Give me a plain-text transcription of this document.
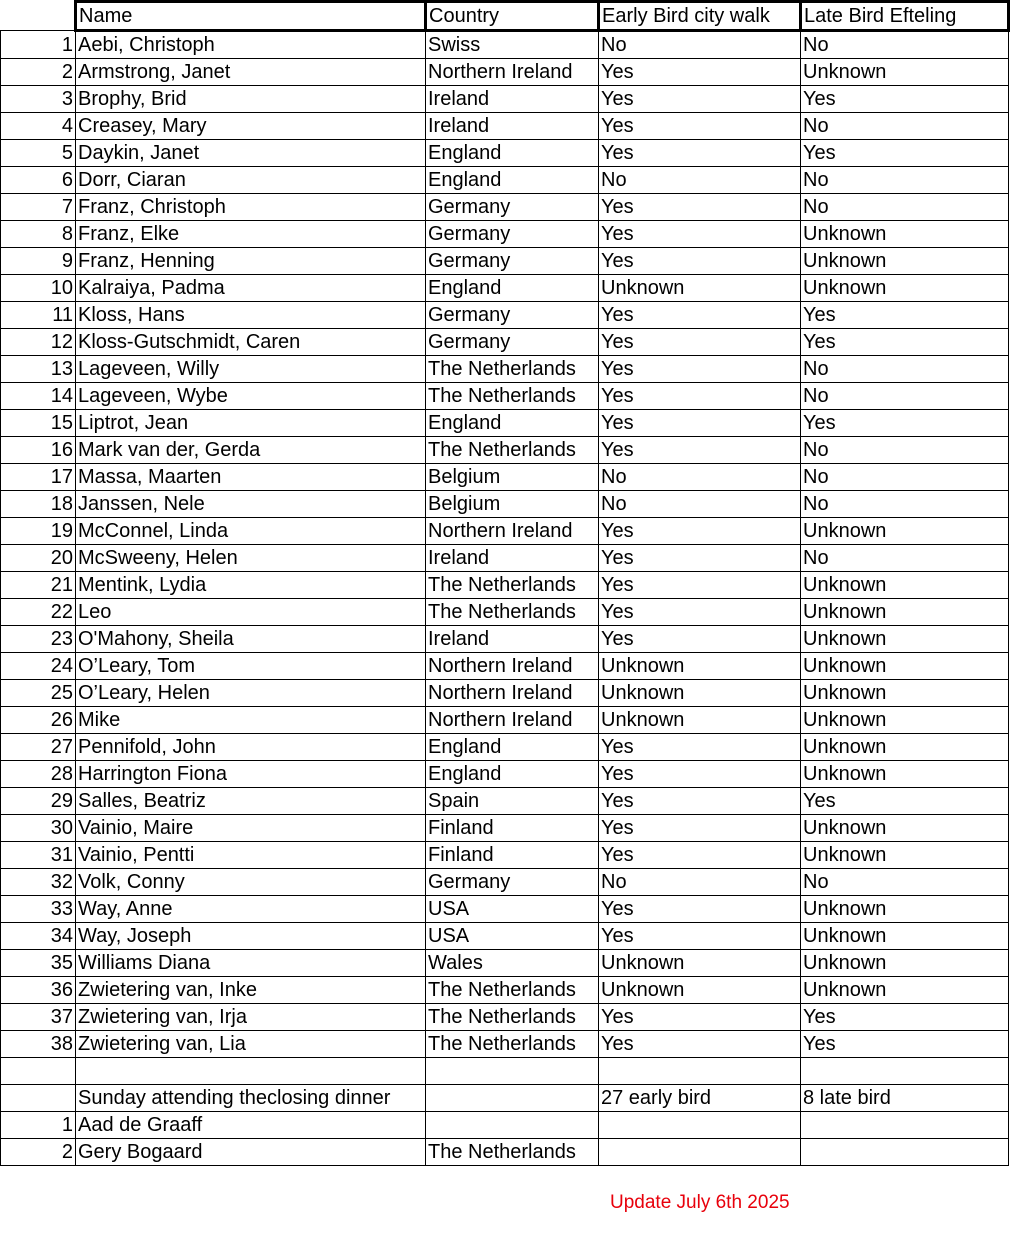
	Name	Country	Early Bird city walk	Late Bird Efteling
1	Aebi, Christoph	Swiss	No	No
2	Armstrong, Janet	Northern Ireland	Yes	Unknown
3	Brophy, Brid	Ireland	Yes	Yes
4	Creasey, Mary	Ireland	Yes	No
5	Daykin, Janet	England	Yes	Yes
6	Dorr, Ciaran	England	No	No
7	Franz, Christoph	Germany	Yes	No
8	Franz, Elke	Germany	Yes	Unknown
9	Franz, Henning	Germany	Yes	Unknown
10	Kalraiya, Padma	England	Unknown	Unknown
11	Kloss, Hans	Germany	Yes	Yes
12	Kloss-Gutschmidt, Caren	Germany	Yes	Yes
13	Lageveen, Willy	The Netherlands	Yes	No
14	Lageveen, Wybe	The Netherlands	Yes	No
15	Liptrot, Jean	England	Yes	Yes
16	Mark van der, Gerda	The Netherlands	Yes	No
17	Massa, Maarten	Belgium	No	No
18	Janssen, Nele	Belgium	No	No
19	McConnel, Linda	Northern Ireland	Yes	Unknown
20	McSweeny, Helen	Ireland	Yes	No
21	Mentink, Lydia	The Netherlands	Yes	Unknown
22	Leo	The Netherlands	Yes	Unknown
23	O'Mahony, Sheila	Ireland	Yes	Unknown
24	O’Leary, Tom	Northern Ireland	Unknown	Unknown
25	O’Leary, Helen	Northern Ireland	Unknown	Unknown
26	Mike	Northern Ireland	Unknown	Unknown
27	Pennifold, John	England	Yes	Unknown
28	Harrington Fiona	England	Yes	Unknown
29	Salles, Beatriz	Spain	Yes	Yes
30	Vainio, Maire	Finland	Yes	Unknown
31	Vainio, Pentti	Finland	Yes	Unknown
32	Volk, Conny	Germany	No	No
33	Way, Anne	USA	Yes	Unknown
34	Way, Joseph	USA	Yes	Unknown
35	Williams Diana	Wales	Unknown	Unknown
36	Zwietering van, Inke	The Netherlands	Unknown	Unknown
37	Zwietering van, Irja	The Netherlands	Yes	Yes
38	Zwietering van, Lia	The Netherlands	Yes	Yes

	Sunday attending theclosing dinner		27 early bird	8 late bird
1	Aad de Graaff			
2	Gery Bogaard	The Netherlands		
Update July 6th 2025
